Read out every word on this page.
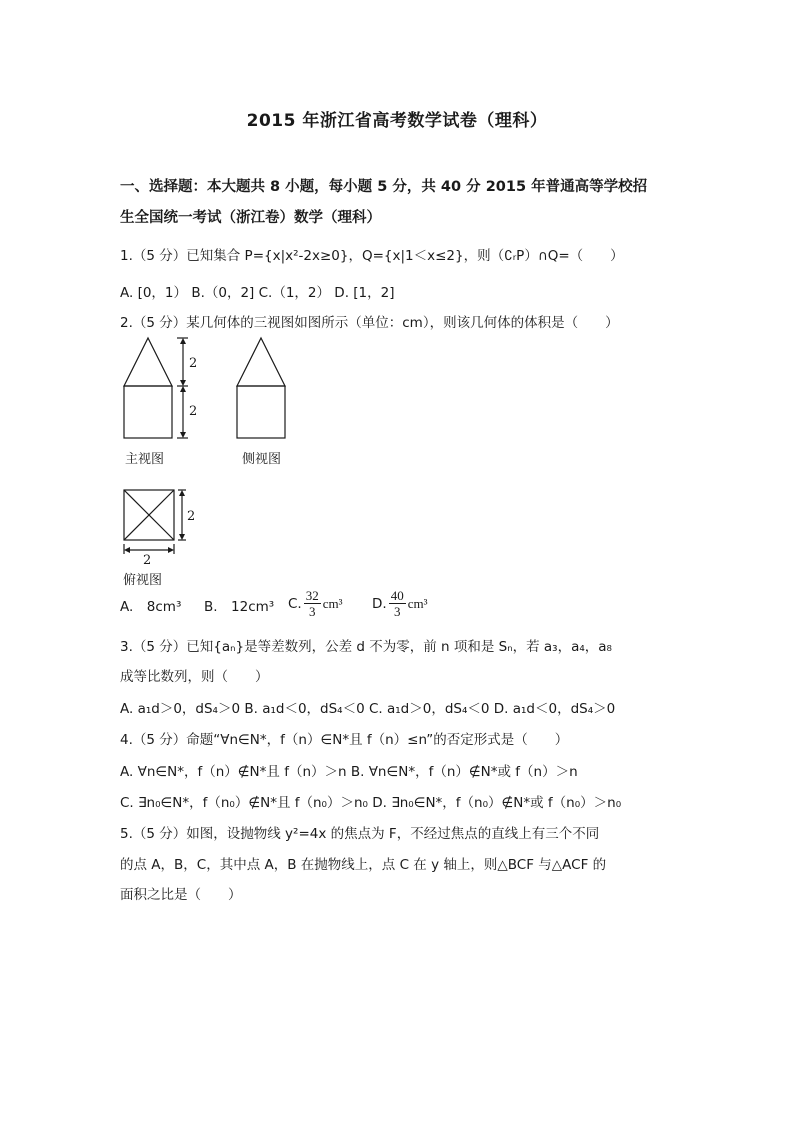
2015 年浙江省高考数学试卷（理科）
一、选择题：本大题共 8 小题，每小题 5 分，共 40 分 2015 年普通高等学校招
生全国统一考试（浙江卷）数学（理科）
1.（5 分）已知集合 P={x|x²-2x≥0}，Q={x|1＜x≤2}，则（∁ᵣP）∩Q=（　　）
A. [0，1） B.（0，2] C.（1，2） D. [1，2]
2.（5 分）某几何体的三视图如图所示（单位：cm），则该几何体的体积是（　　）
2
2
主视图	侧视图
2
2
俯视图
A.　8cm³ B.　12cm³ C. $\frac{32}{3} cm^3$ D. $\frac{40}{3} cm^3$
3.（5 分）已知{aₙ}是等差数列，公差 d 不为零，前 n 项和是 Sₙ，若 a₃，a₄，a₈
成等比数列，则（　　）
A. a₁d＞0，dS₄＞0 B. a₁d＜0，dS₄＜0 C. a₁d＞0，dS₄＜0 D. a₁d＜0，dS₄＞0
4.（5 分）命题“∀n∈N*，f（n）∈N*且 f（n）≤n”的否定形式是（　　）
A. ∀n∈N*，f（n）∉N*且 f（n）＞n B. ∀n∈N*，f（n）∉N*或 f（n）＞n
C. ∃n₀∈N*，f（n₀）∉N*且 f（n₀）＞n₀ D. ∃n₀∈N*，f（n₀）∉N*或 f（n₀）＞n₀
5.（5 分）如图，设抛物线 y²=4x 的焦点为 F，不经过焦点的直线上有三个不同
的点 A，B，C，其中点 A，B 在抛物线上，点 C 在 y 轴上，则△BCF 与△ACF 的
面积之比是（　　）
